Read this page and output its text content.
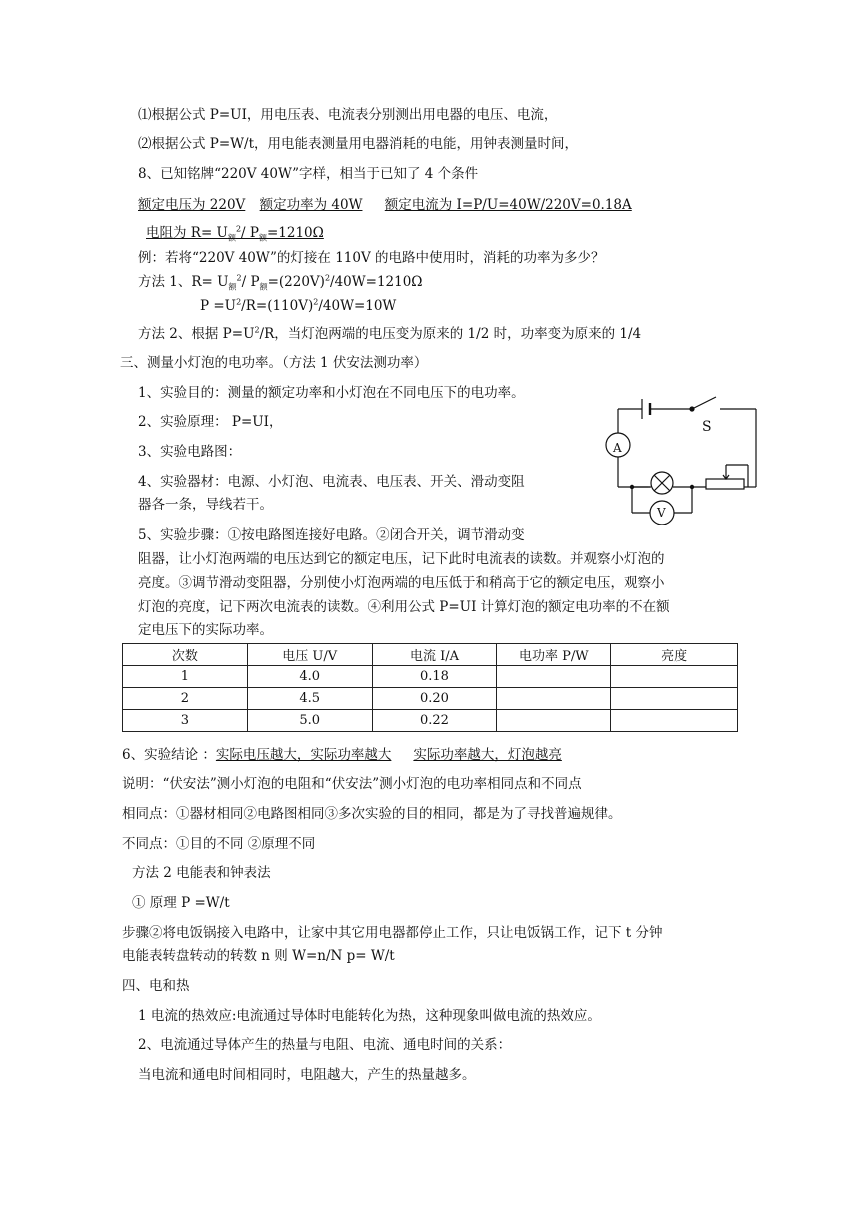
⑴根据公式 P=UI，用电压表、电流表分别测出用电器的电压、电流，
⑵根据公式 P=W/t，用电能表测量用电器消耗的电能，用钟表测量时间，
8、已知铭牌“220V 40W”字样，相当于已知了 4 个条件
额定电压为 220V 额定功率为 40W 额定电流为 I=P/U=40W/220V=0.18A
电阻为 $R= U_额^2/$ $P_额=1210\Omega$
例：若将“220V 40W”的灯接在 110V 的电路中使用时，消耗的功率为多少？
方法 1、$R= U_额^2/$ $P_额=(220V)^2/40W=1210\Omega$
$P =U^2/R=(110V)^2/40W=10W$
方法 2、根据 $P=U^2/R$，当灯泡两端的电压变为原来的 1/2 时，功率变为原来的 1/4
三、测量小灯泡的电功率。（方法 1 伏安法测功率）
1、实验目的：测量的额定功率和小灯泡在不同电压下的电功率。
2、实验原理： P=UI，
3、实验电路图：
4、实验器材：电源、小灯泡、电流表、电压表、开关、滑动变阻
器各一条，导线若干。
5、实验步骤：①按电路图连接好电路。②闭合开关，调节滑动变
阻器，让小灯泡两端的电压达到它的额定电压，记下此时电流表的读数。并观察小灯泡的
亮度。③调节滑动变阻器，分别使小灯泡两端的电压低于和稍高于它的额定电压，观察小
灯泡的亮度，记下两次电流表的读数。④利用公式 P=UI 计算灯泡的额定电功率的不在额
定电压下的实际功率。
S
A
V
次数	电压 U/V	电流 I/A	电功率 P/W	亮度
1	4.0	0.18		
2	4.5	0.20		
3	5.0	0.22		
6、实验结论 ：实际电压越大，实际功率越大 实际功率越大，灯泡越亮
说明：“伏安法”测小灯泡的电阻和“伏安法”测小灯泡的电功率相同点和不同点
相同点：①器材相同②电路图相同③多次实验的目的相同，都是为了寻找普遍规律。
不同点：①目的不同 ②原理不同
方法 2 电能表和钟表法
① 原理 P =W/t
步骤②将电饭锅接入电路中，让家中其它用电器都停止工作，只让电饭锅工作，记下 t 分钟
电能表转盘转动的转数 n 则 W=n/N p= W/t
四、电和热
1 电流的热效应:电流通过导体时电能转化为热，这种现象叫做电流的热效应。
2、电流通过导体产生的热量与电阻、电流、通电时间的关系：
当电流和通电时间相同时，电阻越大，产生的热量越多。
